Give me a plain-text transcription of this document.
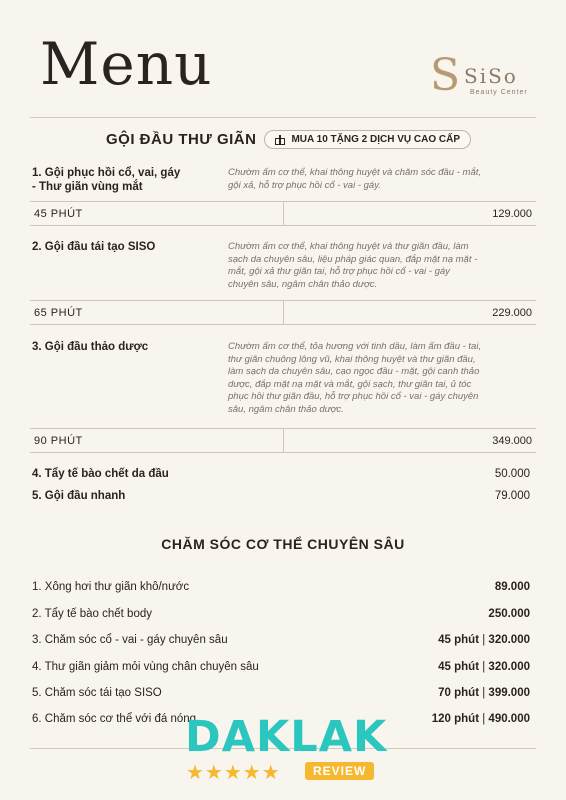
Menu	S SiSo
Beauty Center
GỘI ĐẦU THƯ GIÃN	MUA 10 TẶNG 2 DỊCH VỤ CAO CẤP
1. Gội phục hồi cổ, vai, gáy
- Thư giãn vùng mắt
Chườm ấm cơ thể, khai thông huyệt và chăm sóc đầu - mắt,
gội xả, hỗ trợ phục hồi cổ - vai - gáy.
45 PHÚT	129.000
2. Gội đầu tái tạo SISO	Chườm ấm cơ thể, khai thông huyệt và thư giãn đầu, làm
sạch da chuyên sâu, liệu pháp giác quan, đắp mặt nạ mặt -
mắt, gội xả thư giãn tai, hỗ trợ phục hồi cổ - vai - gáy
chuyên sâu, ngâm chân thảo dược.
65 PHÚT	229.000
3. Gội đầu thảo dược	Chườm ấm cơ thể, tỏa hương với tinh dầu, làm ấm đầu - tai,
thư giãn chuông lông vũ, khai thông huyệt và thư giãn đầu,
làm sạch da chuyên sâu, cạo ngọc đầu - mặt, gội canh thảo
dược, đắp mặt nạ mặt và mắt, gội sạch, thư giãn tai, ủ tóc
phục hồi thư giãn đầu, hỗ trợ phục hồi cổ - vai - gáy chuyên
sâu, ngâm chân thảo dược.
90 PHÚT	349.000
4. Tẩy tế bào chết da đầu	50.000
5. Gội đầu nhanh	79.000
CHĂM SÓC CƠ THỂ CHUYÊN SÂU
1. Xông hơi thư giãn khô/nước	89.000
2. Tẩy tế bào chết body	250.000
3. Chăm sóc cổ - vai - gáy chuyên sâu	45 phút | 320.000
4. Thư giãn giảm mỏi vùng chân chuyên sâu	45 phút | 320.000
5. Chăm sóc tái tạo SISO	70 phút | 399.000
6. Chăm sóc cơ thể với đá nóng	120 phút | 490.000
DAKLAK
★★★★★	REVIEW
